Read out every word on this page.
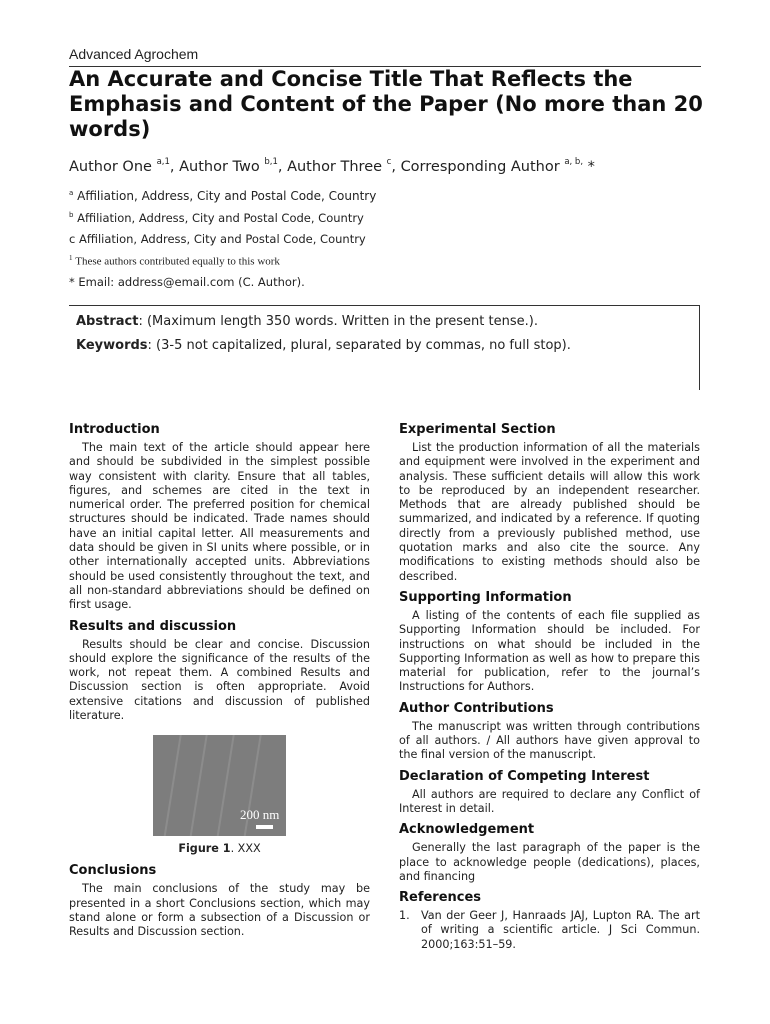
Advanced Agrochem
An Accurate and Concise Title That Reflects the Emphasis and Content of the Paper (No more than 20 words)
Author One $^{a,1}$, Author Two $^{b,1}$, Author Three $^c$, Corresponding Author $^{a, b,}$ *
$^a$ Affiliation, Address, City and Postal Code, Country
$^b$ Affiliation, Address, City and Postal Code, Country
c Affiliation, Address, City and Postal Code, Country
$^1$ These authors contributed equally to this work
* Email: address@email.com (C. Author).
Abstract: (Maximum length 350 words. Written in the present tense.).
Keywords: (3-5 not capitalized, plural, separated by commas, no full stop).
Introduction

The main text of the article should appear here and should be subdivided in the simplest possible way consistent with clarity. Ensure that all tables, figures, and schemes are cited in the text in numerical order. The preferred position for chemical structures should be indicated. Trade names should have an initial capital letter. All measurements and data should be given in SI units where possible, or in other internationally accepted units. Abbreviations should be used consistently throughout the text, and all non-standard abbreviations should be defined on first usage.

Results and discussion

Results should be clear and concise. Discussion should explore the significance of the results of the work, not repeat them. A combined Results and Discussion section is often appropriate. Avoid extensive citations and discussion of published literature.

200 nm
Figure 1. XXX
Conclusions

The main conclusions of the study may be presented in a short Conclusions section, which may stand alone or form a subsection of a Discussion or Results and Discussion section.

Experimental Section

List the production information of all the materials and equipment were involved in the experiment and analysis. These sufficient details will allow this work to be reproduced by an independent researcher. Methods that are already published should be summarized, and indicated by a reference. If quoting directly from a previously published method, use quotation marks and also cite the source. Any modifications to existing methods should also be described.

Supporting Information

A listing of the contents of each file supplied as Supporting Information should be included. For instructions on what should be included in the Supporting Information as well as how to prepare this material for publication, refer to the journal’s Instructions for Authors.

Author Contributions

The manuscript was written through contributions of all authors. / All authors have given approval to the final version of the manuscript.

Declaration of Competing Interest

All authors are required to declare any Conflict of Interest in detail.

Acknowledgement

Generally the last paragraph of the paper is the place to acknowledge people (dedications), places, and financing

References
1.	Van der Geer J, Hanraads JAJ, Lupton RA. The art of writing a scientific article. J Sci Commun. 2000;163:51–59.
